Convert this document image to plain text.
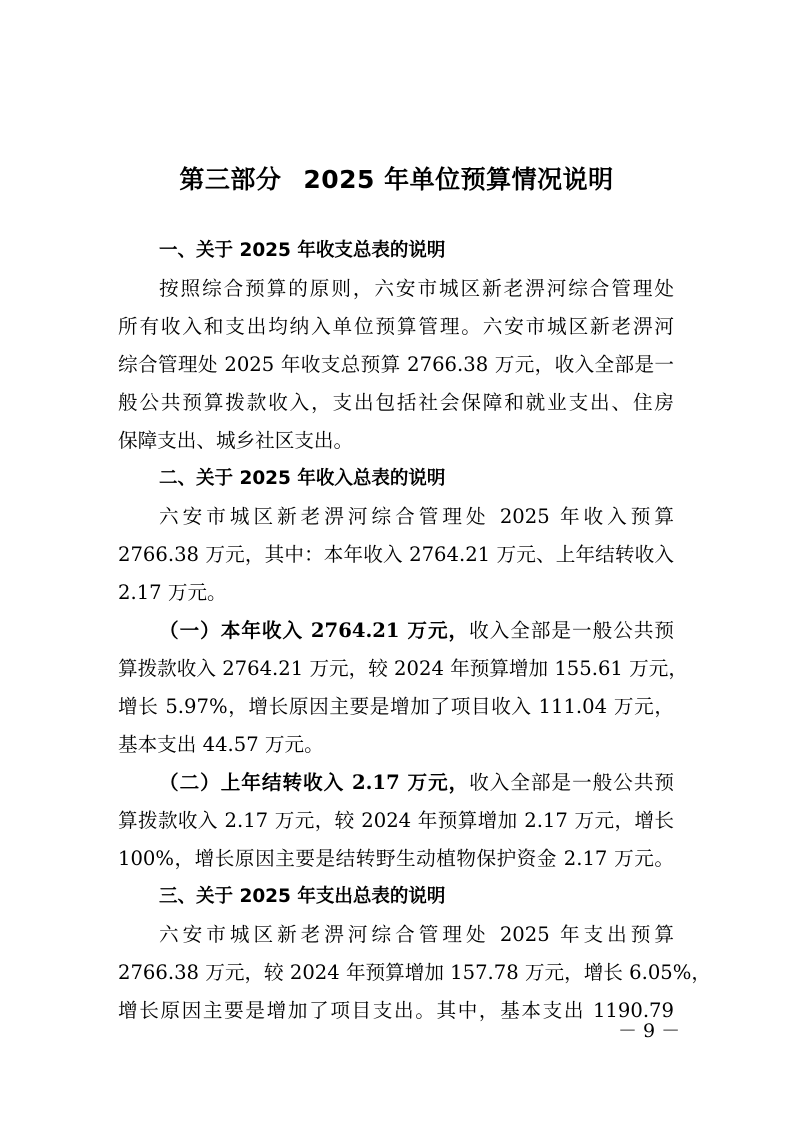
第三部分 2025 年单位预算情况说明
一、关于 2025 年收支总表的说明
按照综合预算的原则，六安市城区新老淠河综合管理处
所有收入和支出均纳入单位预算管理。六安市城区新老淠河
综合管理处 2025 年收支总预算 2766.38 万元，收入全部是一
般公共预算拨款收入，支出包括社会保障和就业支出、住房
保障支出、城乡社区支出。
二、关于 2025 年收入总表的说明
六安市城区新老淠河综合管理处 2025 年收入预算
2766.38 万元，其中：本年收入 2764.21 万元、上年结转收入
2.17 万元。
（一）本年收入 2764.21 万元，收入全部是一般公共预
算拨款收入 2764.21 万元，较 2024 年预算增加 155.61 万元，
增长 5.97%，增长原因主要是增加了项目收入 111.04 万元，
基本支出 44.57 万元。
（二）上年结转收入 2.17 万元，收入全部是一般公共预
算拨款收入 2.17 万元，较 2024 年预算增加 2.17 万元，增长
100%，增长原因主要是结转野生动植物保护资金 2.17 万元。
三、关于 2025 年支出总表的说明
六安市城区新老淠河综合管理处 2025 年支出预算
2766.38 万元，较 2024 年预算增加 157.78 万元，增长 6.05%，
增长原因主要是增加了项目支出。其中，基本支出 1190.79
－ 9 －
